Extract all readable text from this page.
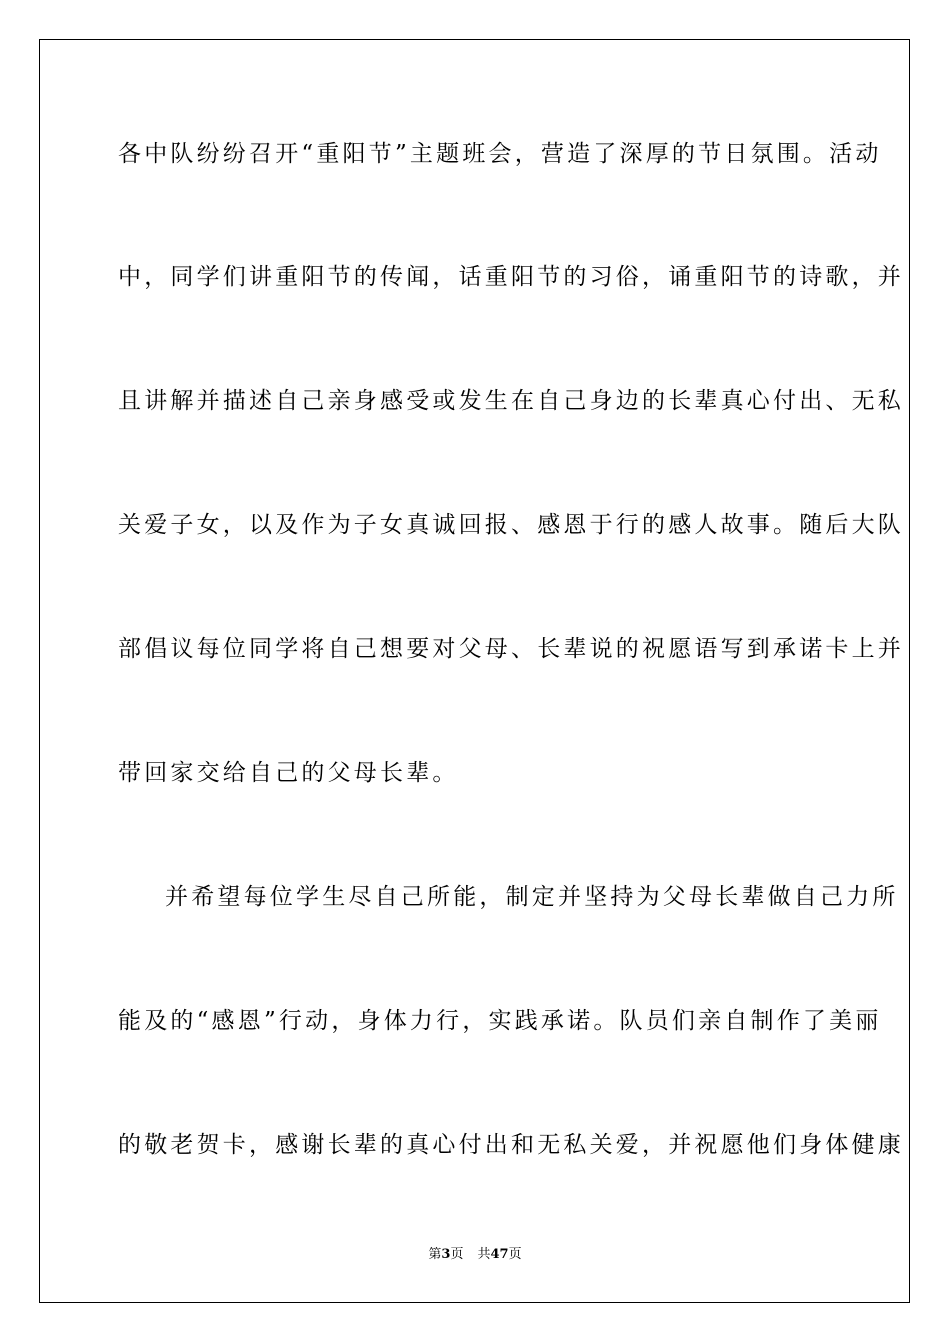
各中队纷纷召开“重阳节”主题班会，营造了深厚的节日氛围。活动
中，同学们讲重阳节的传闻，话重阳节的习俗，诵重阳节的诗歌，并
且讲解并描述自己亲身感受或发生在自己身边的长辈真心付出、无私
关爱子女，以及作为子女真诚回报、感恩于行的感人故事。随后大队
部倡议每位同学将自己想要对父母、长辈说的祝愿语写到承诺卡上并
带回家交给自己的父母长辈。
并希望每位学生尽自己所能，制定并坚持为父母长辈做自己力所
能及的“感恩”行动，身体力行，实践承诺。队员们亲自制作了美丽
的敬老贺卡，感谢长辈的真心付出和无私关爱，并祝愿他们身体健康
第3页 共47页
